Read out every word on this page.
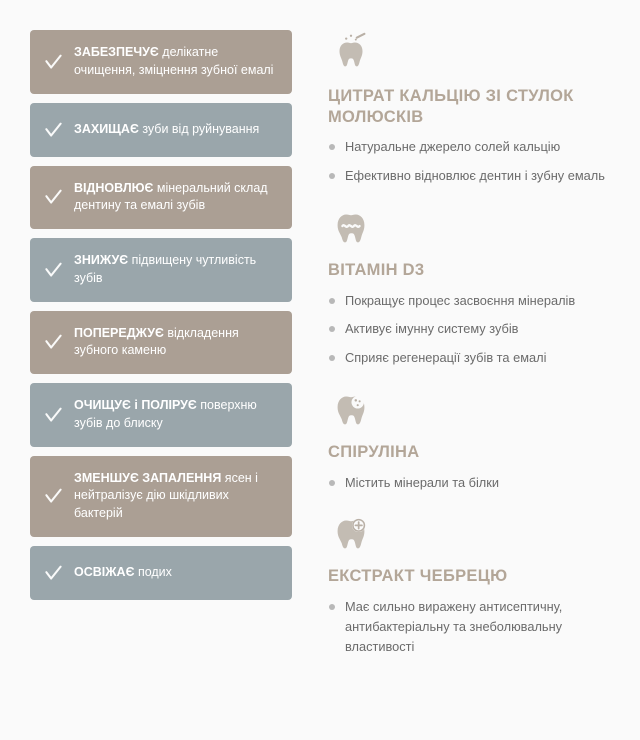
ЗАБЕЗПЕЧУЄ делікатне очищення, зміцнення зубної емалі
ЗАХИЩАЄ зуби від руйнування
ВІДНОВЛЮЄ мінеральний склад дентину та емалі зубів
ЗНИЖУЄ підвищену чутливість зубів
ПОПЕРЕДЖУЄ відкладення зубного каменю
ОЧИЩУЄ і ПОЛІРУЄ поверхню зубів до блиску
ЗМЕНШУЄ ЗАПАЛЕННЯ ясен і нейтралізує дію шкідливих бактерій
ОСВІЖАЄ подих
ЦИТРАТ КАЛЬЦІЮ ЗІ СТУЛОК МОЛЮСКІВ
Натуральне джерело солей кальцію
Ефективно відновлює дентин і зубну емаль
ВІТАМІН D3
Покращує процес засвоєння мінералів
Активує імунну систему зубів
Сприяє регенерації зубів та емалі
СПІРУЛІНА
Містить мінерали та білки
ЕКСТРАКТ ЧЕБРЕЦЮ
Має сильно виражену антисептичну, антибактеріальну та знеболювальну властивості
